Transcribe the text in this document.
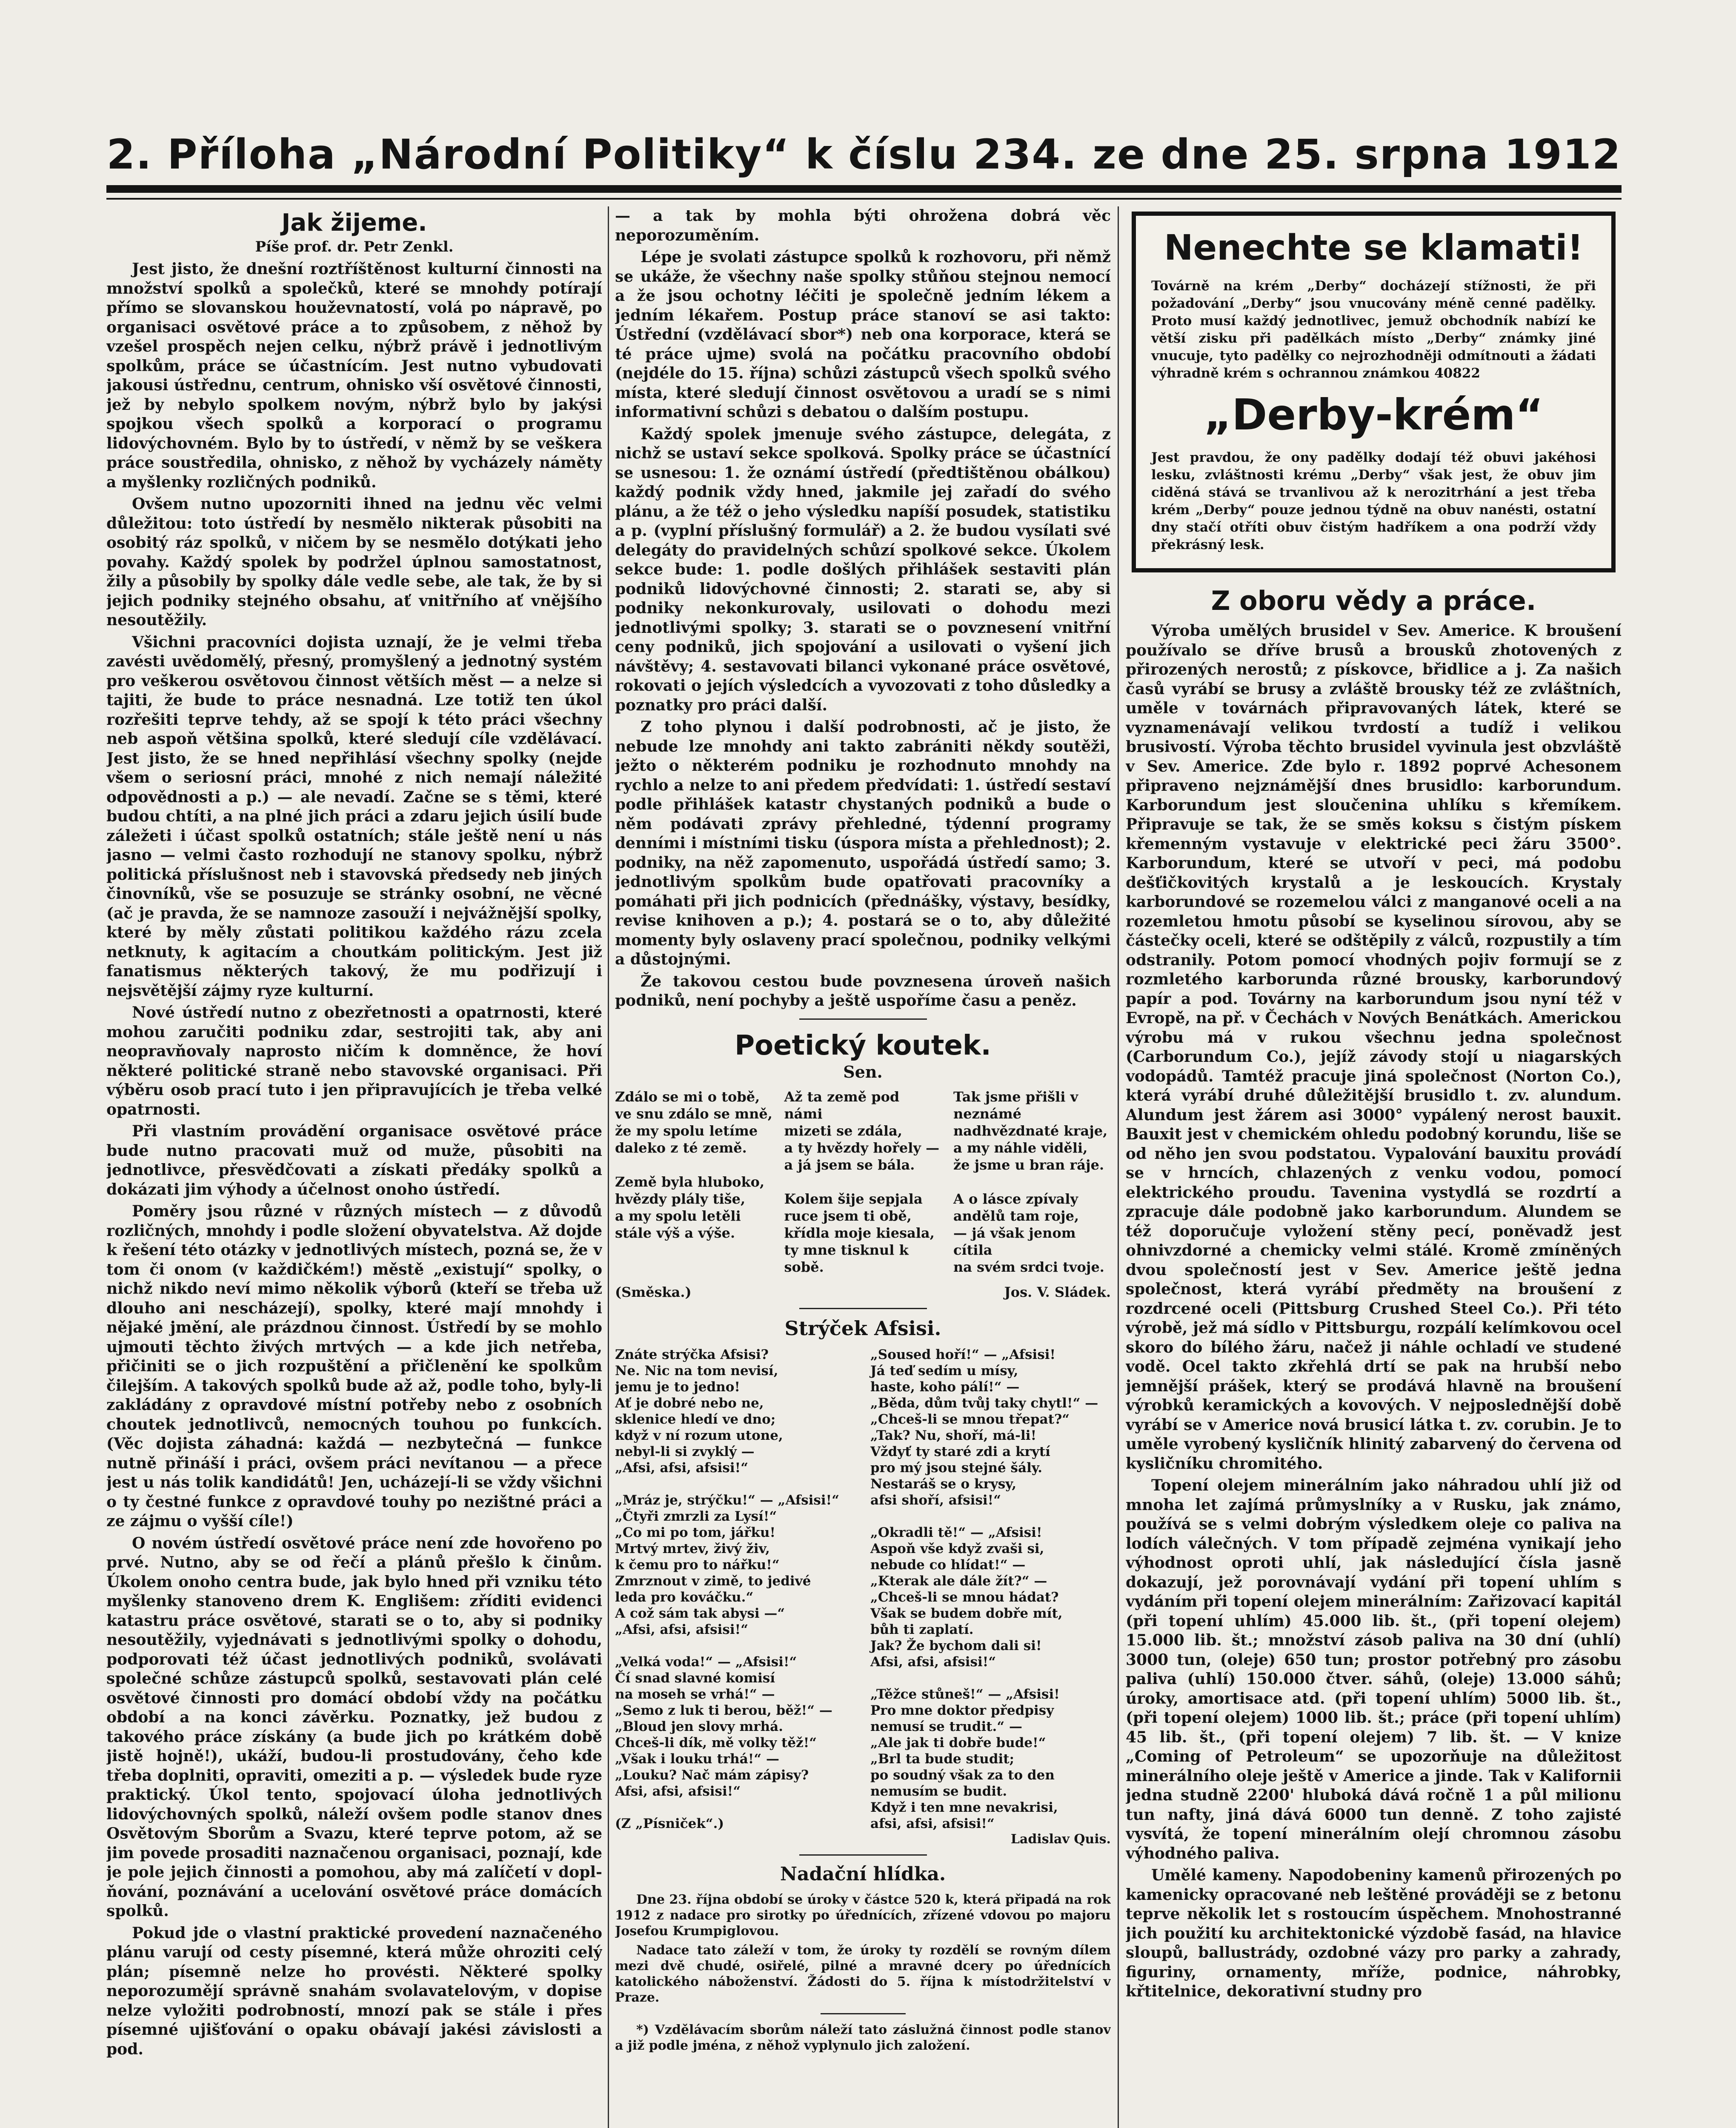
2. Příloha „Národní Politiky“ k číslu 234. ze dne 25. srpna 1912
Jak žijeme.
Píše prof. dr. Petr Zenkl.

Jest jisto, že dnešní roztříštěnost kulturní činnosti na množství spolků a společků, které se mnohdy potírají přímo se slovanskou houževnatostí, volá po nápravě, po organisaci osvětové práce a to způsobem, z něhož by vzešel prospěch nejen celku, nýbrž právě i jednotlivým spolkům, práce se účastnícím. Jest nutno vybudovati jakousi ústřednu, centrum, ohnisko vší osvětové činnosti, jež by nebylo spolkem novým, nýbrž bylo by jakýsi spojkou všech spolků a korporací o programu lidovýchovném. Bylo by to ústředí, v němž by se veškera práce soustředila, ohnisko, z něhož by vycházely náměty a myšlenky rozličných podniků.

Ovšem nutno upozorniti ihned na jednu věc velmi důležitou: toto ústředí by nesmělo nikterak působiti na osobitý ráz spolků, v ničem by se nesmělo dotýkati jeho povahy. Každý spolek by podržel úplnou samostatnost, žily a působily by spolky dále vedle sebe, ale tak, že by si jejich podniky stejného obsahu, ať vnitřního ať vnějšího nesoutěžily.

Všichni pracovníci dojista uznají, že je velmi třeba zavésti uvědomělý, přesný, promyšlený a jednotný systém pro veškerou osvětovou činnost větších měst — a nelze si tajiti, že bude to práce nesnadná. Lze totiž ten úkol rozřešiti teprve tehdy, až se spojí k této práci všechny neb aspoň většina spolků, které sledují cíle vzdělávací. Jest jisto, že se hned nepřihlásí všechny spolky (nejde všem o seriosní práci, mnohé z nich nemají náležité odpovědnosti a p.) — ale nevadí. Začne se s těmi, které budou chtíti, a na plné jich práci a zdaru jejich úsilí bude záležeti i účast spolků ostatních; stále ještě není u nás jasno — velmi často rozhodují ne stanovy spolku, nýbrž politická příslušnost neb i stavovská předsedy neb jiných činovníků, vše se posuzuje se stránky osobní, ne věcné (ač je pravda, že se namnoze zasouží i nejvážnější spolky, které by měly zůstati politikou každého rázu zcela netknuty, k agitacím a choutkám politickým. Jest již fanatismus některých takový, že mu podřizují i nejsvětější zájmy ryze kulturní.

Nové ústředí nutno z obezřetnosti a opatrnosti, které mohou zaručiti podniku zdar, sestrojiti tak, aby ani neopravňovaly naprosto ničím k domněnce, že hoví některé politické straně nebo stavovské organisaci. Při výběru osob prací tuto i jen připravujících je třeba velké opatrnosti.

Při vlastním provádění organisace osvětové práce bude nutno pracovati muž od muže, působiti na jednotlivce, přesvědčovati a získati předáky spolků a dokázati jim výhody a účelnost onoho ústředí.

Poměry jsou různé v různých místech — z důvodů rozličných, mnohdy i podle složení obyvatelstva. Až dojde k řešení této otázky v jednotlivých místech, pozná se, že v tom či onom (v každičkém!) městě „existují“ spolky, o nichž nikdo neví mimo několik výborů (kteří se třeba už dlouho ani nescházejí), spolky, které mají mnohdy i nějaké jmění, ale prázdnou činnost. Ústředí by se mohlo ujmouti těchto živých mrtvých — a kde jich netřeba, přičiniti se o jich rozpuštění a přičlenění ke spolkům čilejším. A takových spolků bude až až, podle toho, byly-li zakládány z opravdové místní potřeby nebo z osobních choutek jednotlivců, nemocných touhou po funkcích. (Věc dojista záhadná: každá — nezbytečná — funkce nutně přináší i práci, ovšem práci nevítanou — a přece jest u nás tolik kandidátů! Jen, ucházejí-li se vždy všichni o ty čestné funkce z opravdové touhy po nezištné práci a ze zájmu o vyšší cíle!)

O novém ústředí osvětové práce není zde hovořeno po prvé. Nutno, aby se od řečí a plánů přešlo k činům. Úkolem onoho centra bude, jak bylo hned při vzniku této myšlenky stanoveno drem K. Englišem: zříditi evidenci katastru práce osvětové, starati se o to, aby si podniky nesoutěžily, vyjednávati s jednotlivými spolky o dohodu, podporovati též účast jednotlivých podniků, svolávati společné schůze zástupců spolků, sestavovati plán celé osvětové činnosti pro domácí období vždy na počátku období a na konci závěrku. Poznatky, jež budou z takového práce získány (a bude jich po krátkém době jistě hojně!), ukáží, budou-li prostudovány, čeho kde třeba doplniti, opraviti, omeziti a p. — výsledek bude ryze praktický. Úkol tento, spojovací úloha jednotlivých lidovýchovných spolků, náleží ovšem podle stanov dnes Osvětovým Sborům a Svazu, které teprve potom, až se jim povede prosaditi naznačenou organisaci, poznají, kde je pole jejich činnosti a pomohou, aby má zalíčetí v doplňování, poznávání a ucelování osvětové práce domácích spolků.

Pokud jde o vlastní praktické provedení naznačeného plánu varují od cesty písemné, která může ohroziti celý plán; písemně nelze ho provésti. Některé spolky neporozumějí správně snahám svolavatelovým, v dopise nelze vyložiti podrobností, mnozí pak se stále i přes písemné ujišťování o opaku obávají jakési závislosti a pod.

— a tak by mohla býti ohrožena dobrá věc neporozuměním.

Lépe je svolati zástupce spolků k rozhovoru, při němž se ukáže, že všechny naše spolky stůňou stejnou nemocí a že jsou ochotny léčiti je společně jedním lékem a jedním lékařem. Postup práce stanoví se asi takto: Ústřední (vzdělávací sbor*) neb ona korporace, která se té práce ujme) svolá na počátku pracovního období (nejdéle do 15. října) schůzi zástupců všech spolků svého místa, které sledují činnost osvětovou a uradí se s nimi informativní schůzi s debatou o dalším postupu.

Každý spolek jmenuje svého zástupce, delegáta, z nichž se ustaví sekce spolková. Spolky práce se účastnící se usnesou: 1. že oznámí ústředí (předtištěnou obálkou) každý podnik vždy hned, jakmile jej zařadí do svého plánu, a že též o jeho výsledku napíší posudek, statistiku a p. (vyplní příslušný formulář) a 2. že budou vysílati své delegáty do pravidelných schůzí spolkové sekce. Úkolem sekce bude: 1. podle došlých přihlášek sestaviti plán podniků lidovýchovné činnosti; 2. starati se, aby si podniky nekonkurovaly, usilovati o dohodu mezi jednotlivými spolky; 3. starati se o povznesení vnitřní ceny podniků, jich spojování a usilovati o vyšení jich návštěvy; 4. sestavovati bilanci vykonané práce osvětové, rokovati o jejích výsledcích a vyvozovati z toho důsledky a poznatky pro práci další.

Z toho plynou i další podrobnosti, ač je jisto, že nebude lze mnohdy ani takto zabrániti někdy soutěži, ježto o některém podniku je rozhodnuto mnohdy na rychlo a nelze to ani předem předvídati: 1. ústředí sestaví podle přihlášek katastr chystaných podniků a bude o něm podávati zprávy přehledné, týdenní programy denními i místními tisku (úspora místa a přehlednost); 2. podniky, na něž zapomenuto, uspořádá ústředí samo; 3. jednotlivým spolkům bude opatřovati pracovníky a pomáhati při jich podnicích (přednášky, výstavy, besídky, revise knihoven a p.); 4. postará se o to, aby důležité momenty byly oslaveny prací společnou, podniky velkými a důstojnými.

Že takovou cestou bude povznesena úroveň našich podniků, není pochyby a ještě uspoříme času a peněz.

Poetický koutek.
Sen.
Zdálo se mi o tobě,
ve snu zdálo se mně,
že my spolu letíme
daleko z té země.

Země byla hluboko,
hvězdy plály tiše,
a my spolu letěli
stále výš a výše.
Až ta země pod námi
mizeti se zdála,
a ty hvězdy hořely —
a já jsem se bála.

Kolem šije sepjala
ruce jsem ti obě,
křídla moje kiesala,
ty mne tisknul k sobě.
Tak jsme přišli v neznámé
nadhvězdnaté kraje,
a my náhle viděli,
že jsme u bran ráje.

A o lásce zpívaly
andělů tam roje,
— já však jenom cítila
na svém srdci tvoje.
(Směska.)	Jos. V. Sládek.
Strýček Afsisi.
Znáte strýčka Afsisi?
Ne. Nic na tom nevisí,
jemu je to jedno!
Ať je dobré nebo ne,
sklenice hledí ve dno;
když v ní rozum utone,
nebyl-li si zvyklý —
„Afsi, afsi, afsisi!“

„Mráz je, strýčku!“ — „Afsisi!“
„Čtyři zmrzli za Lysí!“
„Co mi po tom, jářku!
Mrtvý mrtev, živý živ,
k čemu pro to nářku!“
Zmrznout v zimě, to jedivé
leda pro kováčku.“
A což sám tak abysi —“
„Afsi, afsi, afsisi!“

„Velká voda!“ — „Afsisi!“
Čí snad slavné komisí
na moseh se vrhá!“ —
„Semo z luk ti berou, běž!“ —
„Bloud jen slovy mrhá.
Chceš-li dík, mě volky těž!“
„Však i louku trhá!“ —
„Louku? Nač mám zápisy?
Afsi, afsi, afsisi!“

(Z „Písniček“.)
„Soused hoří!“ — „Afsisi!
Já teď sedím u mísy,
haste, koho pálí!“ —
„Běda, dům tvůj taky chytl!“ —
„Chceš-li se mnou třepat?“
„Tak? Nu, shoří, má-li!
Vždyť ty staré zdi a krytí
pro mý jsou stejné šály.
Nestaráš se o krysy,
afsi shoří, afsisi!“

„Okradli tě!“ — „Afsisi!
Aspoň vše když zvaši si,
nebude co hlídat!“ —
„Kterak ale dále žít?“ —
„Chceš-li se mnou hádat?
Však se budem dobře mít,
bůh ti zaplatí.
Jak? Že bychom dali si!
Afsi, afsi, afsisi!“

„Těžce stůneš!“ — „Afsisi!
Pro mne doktor předpisy
nemusí se trudit.“ —
„Ale jak ti dobře bude!“
„Brl ta bude studit;
po soudný však za to den
nemusím se budit.
Když i ten mne nevakrisi,
afsi, afsi, afsisi!“
Ladislav Quis.
Nadační hlídka.

Dne 23. října období se úroky v částce 520 k, která připadá na rok 1912 z nadace pro sirotky po úřednících, zřízené vdovou po majoru Josefou Krumpiglovou.

Nadace tato záleží v tom, že úroky ty rozdělí se rovným dílem mezi dvě chudé, osiřelé, pilné a mravné dcery po úřednících katolického náboženství. Žádosti do 5. října k místodržitelství v Praze.

*) Vzdělávacím sborům náleží tato záslužná činnost podle stanov a již podle jména, z něhož vyplynulo jich založení.

Nenechte se klamati!

Továrně na krém „Derby“ docházejí stížnosti, že při požadování „Derby“ jsou vnucovány méně cenné padělky. Proto musí každý jednotlivec, jemuž obchodník nabízí ke větší zisku při padělkách místo „Derby“ známky jiné vnucuje, tyto padělky co nejrozhodněji odmítnouti a žádati výhradně krém s ochrannou známkou 40822

„Derby-krém“

Jest pravdou, že ony padělky dodají též obuvi jakéhosi lesku, zvláštnosti krému „Derby“ však jest, že obuv jim ciděná stává se trvanlivou až k nerozitrhání a jest třeba krém „Derby“ pouze jednou týdně na obuv nanésti, ostatní dny stačí otříti obuv čistým hadříkem a ona podrží vždy překrásný lesk.

Z oboru vědy a práce.

Výroba umělých brusidel v Sev. Americe. K broušení používalo se dříve brusů a brousků zhotovených z přirozených nerostů; z pískovce, břidlice a j. Za našich časů vyrábí se brusy a zvláště brousky též ze zvláštních, uměle v továrnách připravovaných látek, které se vyznamenávají velikou tvrdostí a tudíž i velikou brusivostí. Výroba těchto brusidel vyvinula jest obzvláště v Sev. Americe. Zde bylo r. 1892 poprvé Achesonem připraveno nejznámější dnes brusidlo: karborundum. Karborundum jest sloučenina uhlíku s křemíkem. Připravuje se tak, že se směs koksu s čistým pískem křemenným vystavuje v elektrické peci žáru 3500°. Karborundum, které se utvoří v peci, má podobu dešťičkovitých krystalů a je leskoucích. Krystaly karborundové se rozemelou válci z manganové oceli a na rozemletou hmotu působí se kyselinou sírovou, aby se částečky oceli, které se odštěpily z válců, rozpustily a tím odstranily. Potom pomocí vhodných pojiv formují se z rozmletého karborunda různé brousky, karborundový papír a pod. Továrny na karborundum jsou nyní též v Evropě, na př. v Čechách v Nových Benátkách. Americkou výrobu má v rukou všechnu jedna společnost (Carborundum Co.), jejíž závody stojí u niagarských vodopádů. Tamtéž pracuje jiná společnost (Norton Co.), která vyrábí druhé důležitější brusidlo t. zv. alundum. Alundum jest žárem asi 3000° vypálený nerost bauxit. Bauxit jest v chemickém ohledu podobný korundu, liše se od něho jen svou podstatou. Vypalování bauxitu provádí se v hrncích, chlazených z venku vodou, pomocí elektrického proudu. Tavenina vystydlá se rozdrtí a zpracuje dále podobně jako karborundum. Alundem se též doporučuje vyložení stěny pecí, poněvadž jest ohnivzdorné a chemicky velmi stálé. Kromě zmíněných dvou společností jest v Sev. Americe ještě jedna společnost, která vyrábí předměty na broušení z rozdrcené oceli (Pittsburg Crushed Steel Co.). Při této výrobě, jež má sídlo v Pittsburgu, rozpálí kelímkovou ocel skoro do bílého žáru, načež ji náhle ochladí ve studené vodě. Ocel takto zkřehlá drtí se pak na hrubší nebo jemnější prášek, který se prodává hlavně na broušení výrobků keramických a kovových. V nejposlednější době vyrábí se v Americe nová brusicí látka t. zv. corubin. Je to uměle vyrobený kysličník hlinitý zabarvený do červena od kysličníku chromitého.

Topení olejem minerálním jako náhradou uhlí již od mnoha let zajímá průmyslníky a v Rusku, jak známo, používá se s velmi dobrým výsledkem oleje co paliva na lodích válečných. V tom případě zejména vynikají jeho výhodnost oproti uhlí, jak následující čísla jasně dokazují, jež porovnávají vydání při topení uhlím s vydáním při topení olejem minerálním: Zařizovací kapitál (při topení uhlím) 45.000 lib. št., (při topení olejem) 15.000 lib. št.; množství zásob paliva na 30 dní (uhlí) 3000 tun, (oleje) 650 tun; prostor potřebný pro zásobu paliva (uhlí) 150.000 čtver. sáhů, (oleje) 13.000 sáhů; úroky, amortisace atd. (při topení uhlím) 5000 lib. št., (při topení olejem) 1000 lib. št.; práce (při topení uhlím) 45 lib. št., (při topení olejem) 7 lib. št. — V knize „Coming of Petroleum“ se upozorňuje na důležitost minerálního oleje ještě v Americe a jinde. Tak v Kalifornii jedna studně 2200' hluboká dává ročně 1 a půl milionu tun nafty, jiná dává 6000 tun denně. Z toho zajisté vysvítá, že topení minerálním olejí chromnou zásobu výhodného paliva.

Umělé kameny. Napodobeniny kamenů přirozených po kamenicky opracované neb leštěné prováději se z betonu teprve několik let s rostoucím úspěchem. Mnohostranné jich použití ku architektonické výzdobě fasád, na hlavice sloupů, ballustrády, ozdobné vázy pro parky a zahrady, figuriny, ornamenty, mříže, podnice, náhrobky, křtitelnice, dekorativní studny pro
